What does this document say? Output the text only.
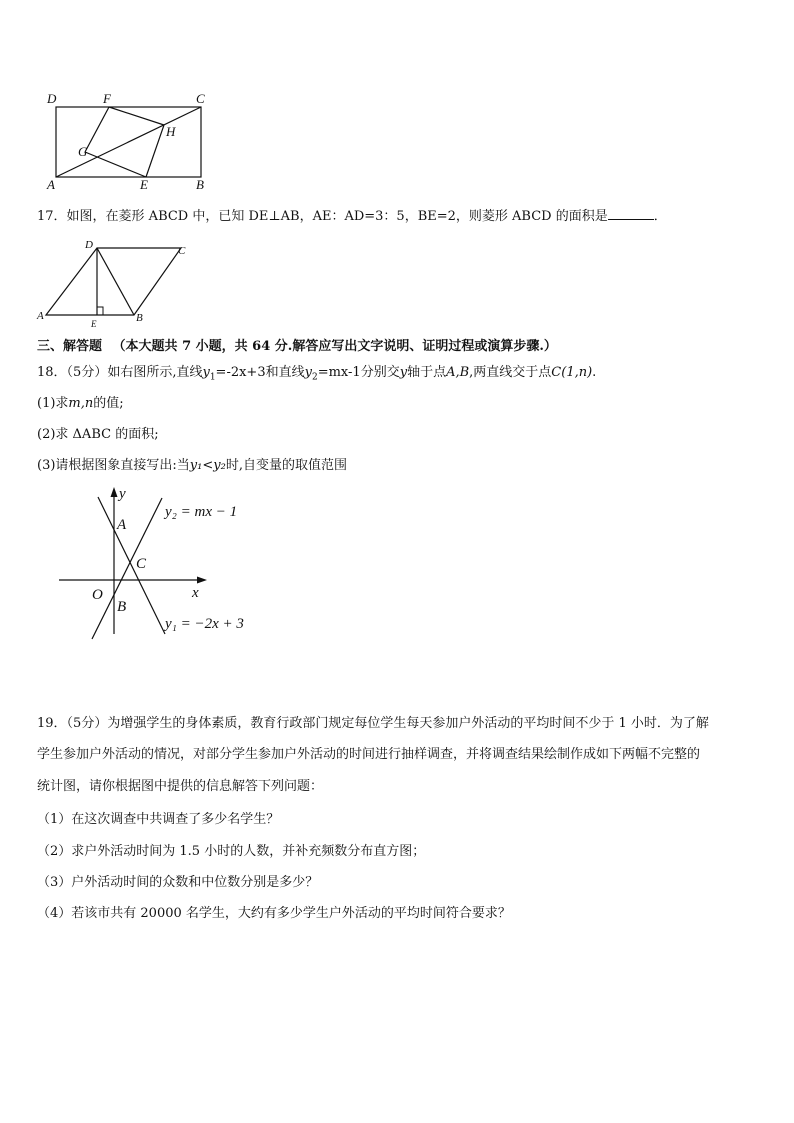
D	F	C
H
G
A	E	B
17．如图，在菱形 ABCD 中，已知 DE⊥AB，AE：AD=3：5，BE=2，则菱形 ABCD 的面积是	．
D	C
A
E	B
三、解答题 （本大题共 7 小题，共 64 分.解答应写出文字说明、证明过程或演算步骤.）
18．（5分）如右图所示,直线$y_1=-2x+3$和直线$y_2=mx-1$分别交y轴于点A,B,两直线交于点C(1,n).
(1)求m,n的值;
(2)求 ΔABC 的面积;
(3)请根据图象直接写出:当y₁<y₂时,自变量的取值范围
y
x
O
A
B
C
y₂ = mx − 1
y₁ = −2x + 3
19．（5分）为增强学生的身体素质，教育行政部门规定每位学生每天参加户外活动的平均时间不少于 1 小时．为了解
学生参加户外活动的情况，对部分学生参加户外活动的时间进行抽样调查，并将调查结果绘制作成如下两幅不完整的
统计图，请你根据图中提供的信息解答下列问题：
（1）在这次调查中共调查了多少名学生？
（2）求户外活动时间为 1.5 小时的人数，并补充频数分布直方图；
（3）户外活动时间的众数和中位数分别是多少？
（4）若该市共有 20000 名学生，大约有多少学生户外活动的平均时间符合要求？
